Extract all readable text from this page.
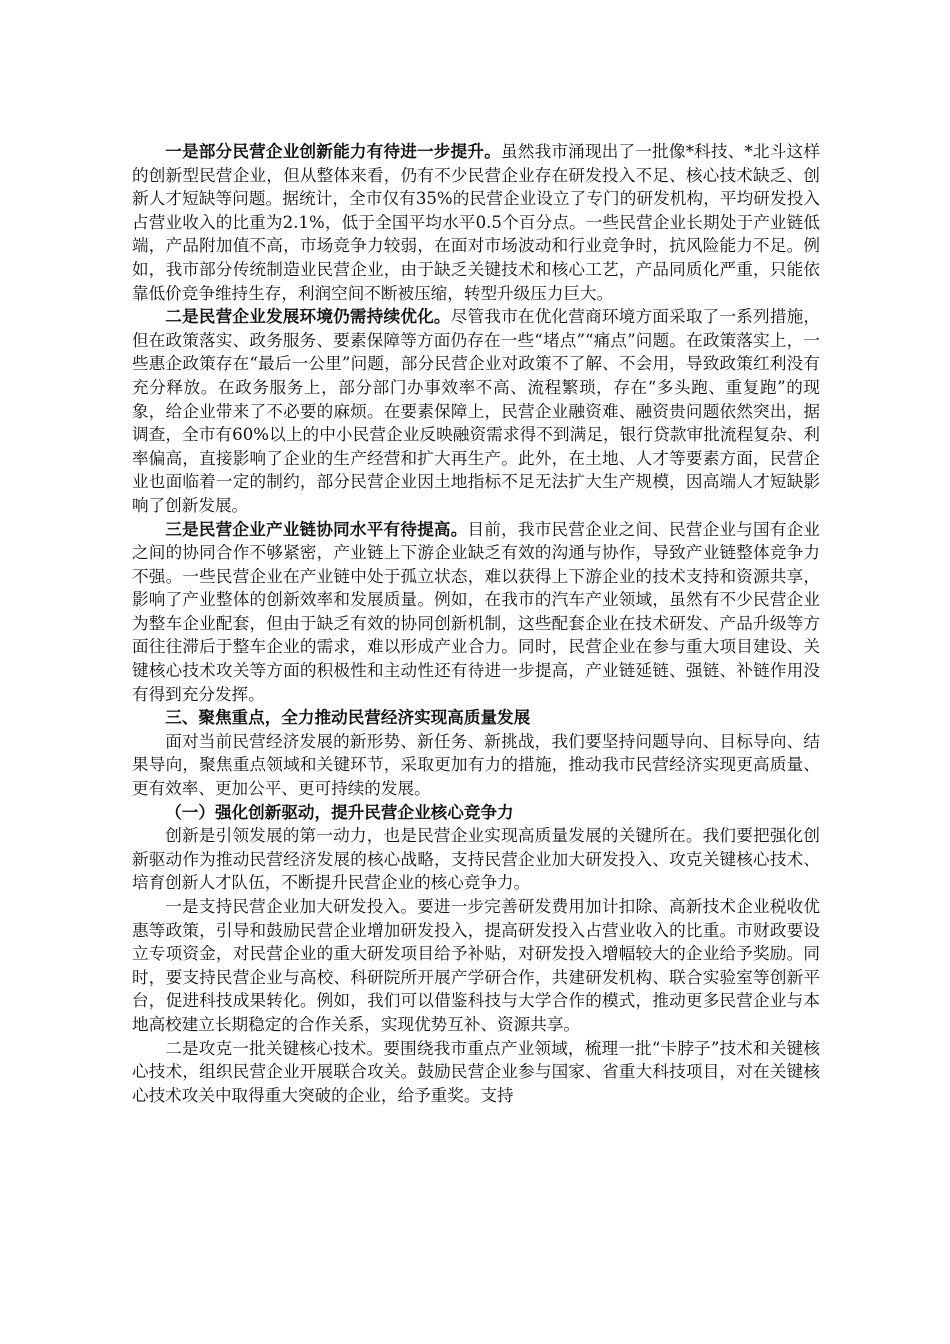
一是部分民营企业创新能力有待进一步提升。虽然我市涌现出了一批像*科技、*北斗这样的创新型民营企业，但从整体来看，仍有不少民营企业存在研发投入不足、核心技术缺乏、创新人才短缺等问题。据统计，全市仅有35%的民营企业设立了专门的研发机构，平均研发投入占营业收入的比重为2.1%，低于全国平均水平0.5个百分点。一些民营企业长期处于产业链低端，产品附加值不高，市场竞争力较弱，在面对市场波动和行业竞争时，抗风险能力不足。例如，我市部分传统制造业民营企业，由于缺乏关键技术和核心工艺，产品同质化严重，只能依靠低价竞争维持生存，利润空间不断被压缩，转型升级压力巨大。

二是民营企业发展环境仍需持续优化。尽管我市在优化营商环境方面采取了一系列措施，但在政策落实、政务服务、要素保障等方面仍存在一些“堵点”“痛点”问题。在政策落实上，一些惠企政策存在“最后一公里”问题，部分民营企业对政策不了解、不会用，导致政策红利没有充分释放。在政务服务上，部分部门办事效率不高、流程繁琐，存在“多头跑、重复跑”的现象，给企业带来了不必要的麻烦。在要素保障上，民营企业融资难、融资贵问题依然突出，据调查，全市有60%以上的中小民营企业反映融资需求得不到满足，银行贷款审批流程复杂、利率偏高，直接影响了企业的生产经营和扩大再生产。此外，在土地、人才等要素方面，民营企业也面临着一定的制约，部分民营企业因土地指标不足无法扩大生产规模，因高端人才短缺影响了创新发展。

三是民营企业产业链协同水平有待提高。目前，我市民营企业之间、民营企业与国有企业之间的协同合作不够紧密，产业链上下游企业缺乏有效的沟通与协作，导致产业链整体竞争力不强。一些民营企业在产业链中处于孤立状态，难以获得上下游企业的技术支持和资源共享，影响了产业整体的创新效率和发展质量。例如，在我市的汽车产业领域，虽然有不少民营企业为整车企业配套，但由于缺乏有效的协同创新机制，这些配套企业在技术研发、产品升级等方面往往滞后于整车企业的需求，难以形成产业合力。同时，民营企业在参与重大项目建设、关键核心技术攻关等方面的积极性和主动性还有待进一步提高，产业链延链、强链、补链作用没有得到充分发挥。

三、聚焦重点，全力推动民营经济实现高质量发展

面对当前民营经济发展的新形势、新任务、新挑战，我们要坚持问题导向、目标导向、结果导向，聚焦重点领域和关键环节，采取更加有力的措施，推动我市民营经济实现更高质量、更有效率、更加公平、更可持续的发展。

（一）强化创新驱动，提升民营企业核心竞争力

创新是引领发展的第一动力，也是民营企业实现高质量发展的关键所在。我们要把强化创新驱动作为推动民营经济发展的核心战略，支持民营企业加大研发投入、攻克关键核心技术、培育创新人才队伍，不断提升民营企业的核心竞争力。

一是支持民营企业加大研发投入。要进一步完善研发费用加计扣除、高新技术企业税收优惠等政策，引导和鼓励民营企业增加研发投入，提高研发投入占营业收入的比重。市财政要设立专项资金，对民营企业的重大研发项目给予补贴，对研发投入增幅较大的企业给予奖励。同时，要支持民营企业与高校、科研院所开展产学研合作，共建研发机构、联合实验室等创新平台，促进科技成果转化。例如，我们可以借鉴科技与大学合作的模式，推动更多民营企业与本地高校建立长期稳定的合作关系，实现优势互补、资源共享。

二是攻克一批关键核心技术。要围绕我市重点产业领域，梳理一批“卡脖子”技术和关键核心技术，组织民营企业开展联合攻关。鼓励民营企业参与国家、省重大科技项目，对在关键核心技术攻关中取得重大突破的企业，给予重奖。支持
